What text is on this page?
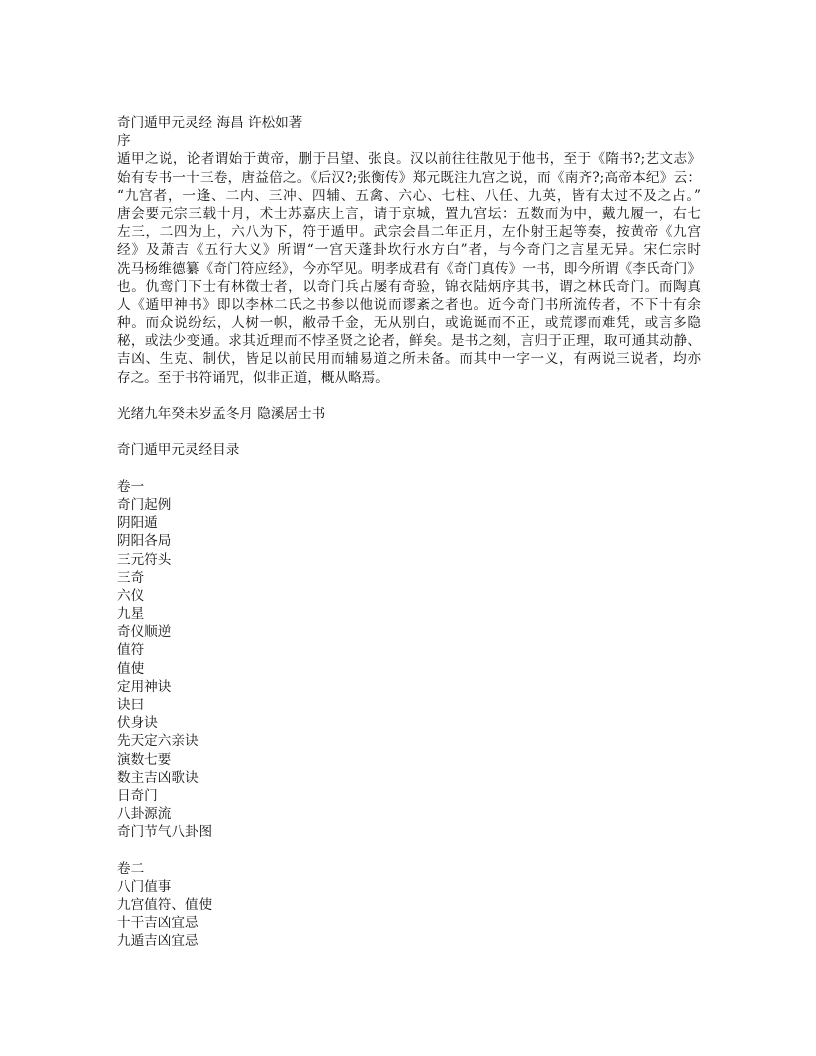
奇门遁甲元灵经 海昌 许松如著
序
遁甲之说，论者谓始于黄帝，删于吕望、张良。汉以前往往散见于他书，至于《隋书?;艺文志》
始有专书一十三卷，唐益倍之。《后汉?;张衡传》郑元既注九宫之说，而《南齐?;高帝本纪》云：
“九宫者，一逢、二内、三冲、四辅、五禽、六心、七柱、八任、九英，皆有太过不及之占。”
唐会要元宗三载十月，术士苏嘉庆上言，请于京城，置九宫坛：五数而为中，戴九履一，右七
左三，二四为上，六八为下，符于遁甲。武宗会昌二年正月，左仆射王起等奏，按黄帝《九宫
经》及萧吉《五行大义》所谓“一宫天蓬卦坎行水方白”者，与今奇门之言星无异。宋仁宗时
冼马杨维德纂《奇门符应经》，今亦罕见。明孝成君有《奇门真传》一书，即今所谓《李氏奇门》
也。仇鸾门下士有林徵士者，以奇门兵占屡有奇验，锦衣陆炳序其书，谓之林氏奇门。而陶真
人《遁甲神书》即以李林二氏之书参以他说而谬紊之者也。近今奇门书所流传者，不下十有余
种。而众说纷纭，人树一帜，敝帚千金，无从别白，或诡诞而不正，或荒谬而难凭，或言多隐
秘，或法少变通。求其近理而不悖圣贤之论者，鲜矣。是书之刻，言归于正理，取可通其动静、
吉凶、生克、制伏，皆足以前民用而辅易道之所未备。而其中一字一义，有两说三说者，均亦
存之。至于书符诵咒，似非正道，概从略焉。
光绪九年癸未岁孟冬月 隐溪居士书
奇门遁甲元灵经目录
卷一
奇门起例
阴阳遁
阴阳各局
三元符头
三奇
六仪
九星
奇仪顺逆
值符
值使
定用神诀
诀曰
伏身诀
先天定六亲诀
演数七要
数主吉凶歌诀
日奇门
八卦源流
奇门节气八卦图
卷二
八门值事
九宫值符、值使
十干吉凶宜忌
九遁吉凶宜忌
